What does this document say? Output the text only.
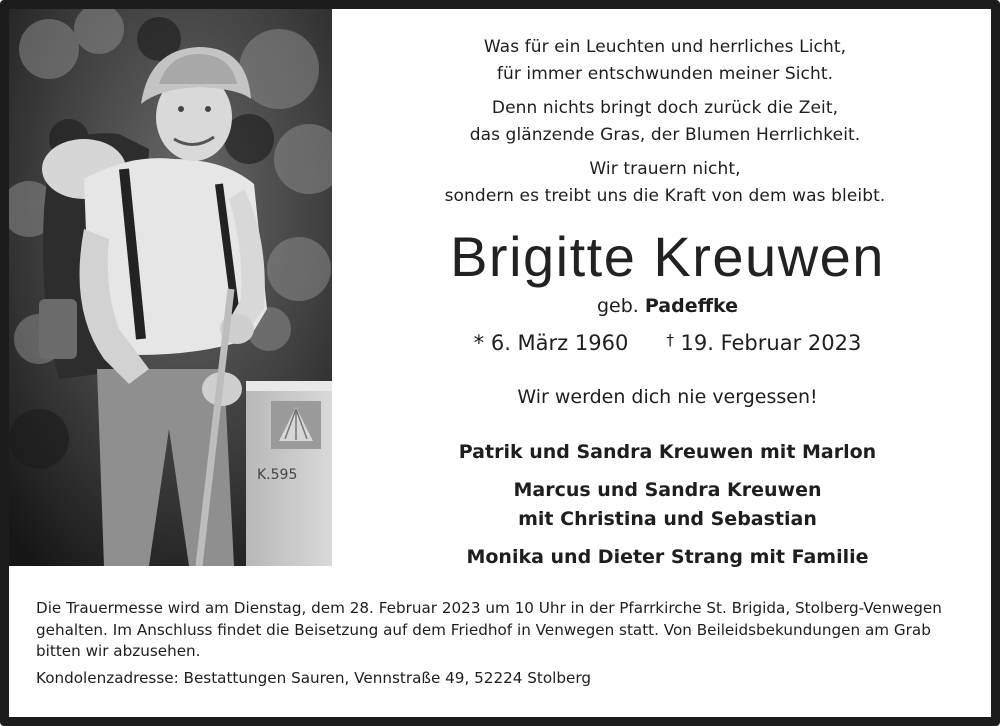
K.595
Was für ein Leuchten und herrliches Licht,
für immer entschwunden meiner Sicht.
Denn nichts bringt doch zurück die Zeit,
das glänzende Gras, der Blumen Herrlichkeit.
Wir trauern nicht,
sondern es treibt uns die Kraft von dem was bleibt.
Brigitte Kreuwen
geb. Padeffke
* 6. März 1960	† 19. Februar 2023
Wir werden dich nie vergessen!
Patrik und Sandra Kreuwen mit Marlon
Marcus und Sandra Kreuwen
mit Christina und Sebastian
Monika und Dieter Strang mit Familie

Die Trauermesse wird am Dienstag, dem 28. Februar 2023 um 10 Uhr in der Pfarrkirche St. Brigida, Stolberg-Venwegen gehalten. Im Anschluss findet die Beisetzung auf dem Friedhof in Venwegen statt. Von Beileidsbekundungen am Grab bitten wir abzusehen.

Kondolenzadresse: Bestattungen Sauren, Vennstraße 49, 52224 Stolberg
